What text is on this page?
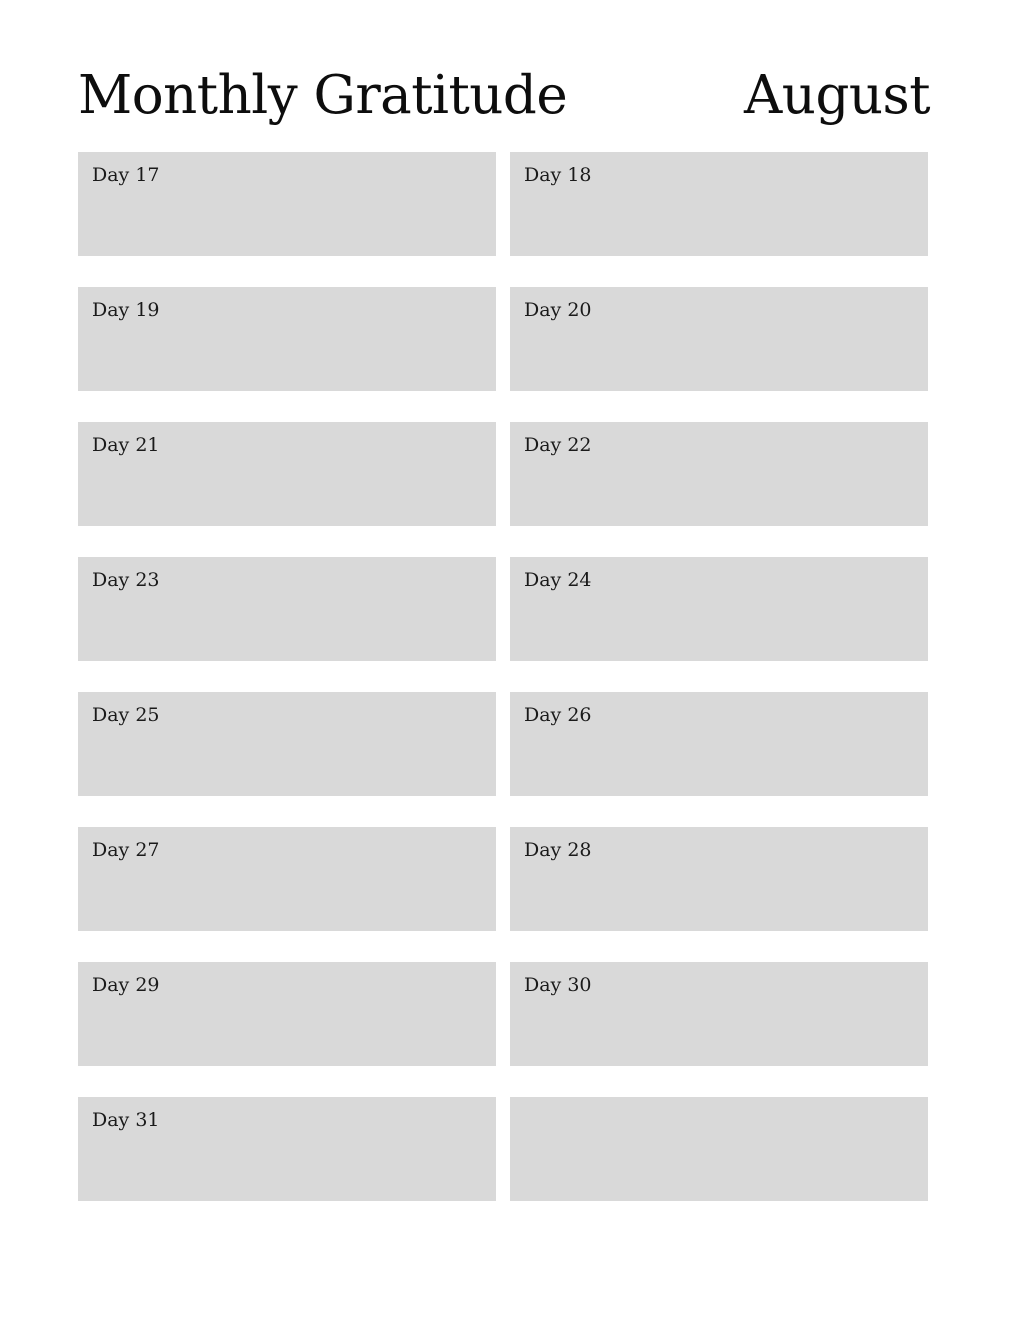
Monthly Gratitude	August
Day 17	Day 18
Day 19	Day 20
Day 21	Day 22
Day 23	Day 24
Day 25	Day 26
Day 27	Day 28
Day 29	Day 30
Day 31
